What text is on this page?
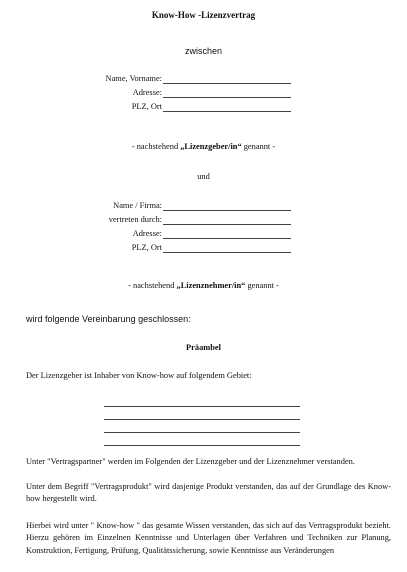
Know-How -Lizenzvertrag
zwischen
Name, Vorname:
Adresse:
PLZ, Ort
- nachstehend „Lizenzgeber/in“ genannt -
und
Name / Firma:
vertreten durch:
Adresse:
PLZ, Ort
- nachstehend „Lizenznehmer/in“ genannt -
wird folgende Vereinbarung geschlossen:
Präambel
Der Lizenzgeber ist Inhaber von Know-how auf folgendem Gebiet:
Unter "Vertragspartner" werden im Folgenden der Lizenzgeber und der Lizenznehmer verstanden.
Unter dem Begriff "Vertragsprodukt" wird dasjenige Produkt verstanden, das auf der Grundlage des Know-how hergestellt wird.
Hierbei wird unter " Know-how " das gesamte Wissen verstanden, das sich auf das Vertragsprodukt bezieht. Hierzu gehören im Einzelnen Kenntnisse und Unterlagen über Verfahren und Techniken zur Planung, Konstruktion, Fertigung, Prüfung, Qualitätssicherung, sowie Kenntnisse aus Veränderungen
